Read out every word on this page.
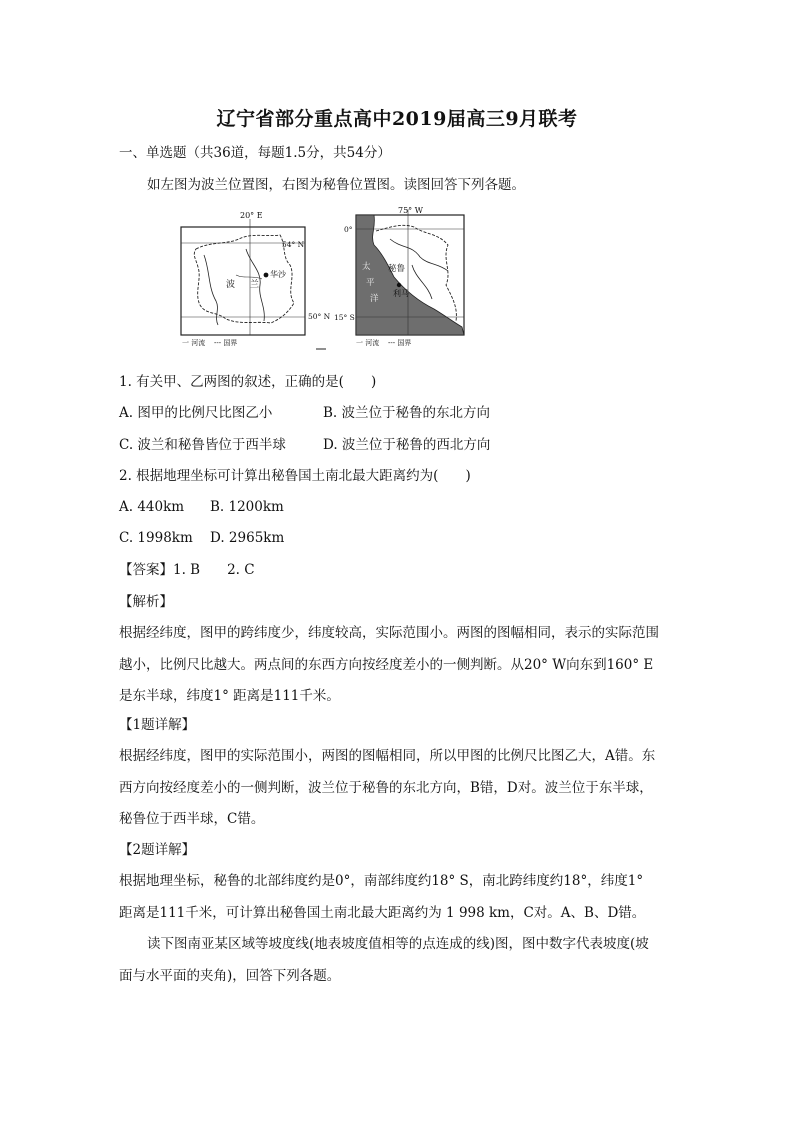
辽宁省部分重点高中2019届高三9月联考
一、单选题（共36道，每题1.5分，共54分）
如左图为波兰位置图，右图为秘鲁位置图。读图回答下列各题。
20° E
54° N
50° N
华沙
波 兰
一 河流 --- 国界
75° W
0°
15° S
秘鲁
利马
太
平
洋
一 河流 --- 国界
1. 有关甲、乙两图的叙述，正确的是(　　)
A. 图甲的比例尺比图乙小	B. 波兰位于秘鲁的东北方向
C. 波兰和秘鲁皆位于西半球	D. 波兰位于秘鲁的西北方向
2. 根据地理坐标可计算出秘鲁国土南北最大距离约为(　　)
A. 440km B. 1200km
C. 1998km D. 2965km
【答案】1. B　　2. C
【解析】
根据经纬度，图甲的跨纬度少，纬度较高，实际范围小。两图的图幅相同，表示的实际范围
越小，比例尺比越大。两点间的东西方向按经度差小的一侧判断。从20° W向东到160° E
是东半球，纬度1° 距离是111千米。
【1题详解】
根据经纬度，图甲的实际范围小，两图的图幅相同，所以甲图的比例尺比图乙大，A错。东
西方向按经度差小的一侧判断，波兰位于秘鲁的东北方向，B错，D对。波兰位于东半球，
秘鲁位于西半球，C错。
【2题详解】
根据地理坐标，秘鲁的北部纬度约是0°，南部纬度约18° S，南北跨纬度约18°，纬度1°
距离是111千米，可计算出秘鲁国土南北最大距离约为 1 998 km，C对。A、B、D错。
读下图南亚某区域等坡度线(地表坡度值相等的点连成的线)图，图中数字代表坡度(坡
面与水平面的夹角)，回答下列各题。
